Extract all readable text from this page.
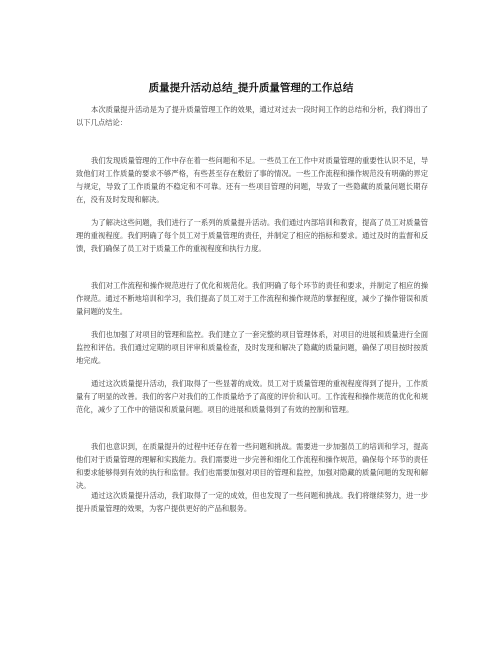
质量提升活动总结_提升质量管理的工作总结

本次质量提升活动是为了提升质量管理工作的效果，通过对过去一段时间工作的总结和分析，我们得出了以下几点结论：

我们发现质量管理的工作中存在着一些问题和不足。一些员工在工作中对质量管理的重要性认识不足，导致他们对工作质量的要求不够严格，有些甚至存在敷衍了事的情况。一些工作流程和操作规范没有明确的界定与规定，导致了工作质量的不稳定和不可靠。还有一些项目管理的问题，导致了一些隐藏的质量问题长期存在，没有及时发现和解决。

为了解决这些问题，我们进行了一系列的质量提升活动。我们通过内部培训和教育，提高了员工对质量管理的重视程度。我们明确了每个员工对于质量管理的责任，并制定了相应的指标和要求。通过及时的监督和反馈，我们确保了员工对于质量工作的重视程度和执行力度。

我们对工作流程和操作规范进行了优化和规范化。我们明确了每个环节的责任和要求，并制定了相应的操作规范。通过不断地培训和学习，我们提高了员工对于工作流程和操作规范的掌握程度，减少了操作错误和质量问题的发生。

我们也加强了对项目的管理和监控。我们建立了一套完整的项目管理体系，对项目的进展和质量进行全面监控和评估。我们通过定期的项目评审和质量检查，及时发现和解决了隐藏的质量问题，确保了项目按时按质地完成。

通过这次质量提升活动，我们取得了一些显著的成效。员工对于质量管理的重视程度得到了提升，工作质量有了明显的改善。我们的客户对我们的工作质量给予了高度的评价和认可。工作流程和操作规范的优化和规范化，减少了工作中的错误和质量问题。项目的进展和质量得到了有效的控制和管理。

我们也意识到，在质量提升的过程中还存在着一些问题和挑战。需要进一步加强员工的培训和学习，提高他们对于质量管理的理解和实践能力。我们需要进一步完善和细化工作流程和操作规范，确保每个环节的责任和要求能够得到有效的执行和监督。我们也需要加强对项目的管理和监控，加强对隐藏的质量问题的发现和解决。

通过这次质量提升活动，我们取得了一定的成效，但也发现了一些问题和挑战。我们将继续努力，进一步提升质量管理的效果，为客户提供更好的产品和服务。
